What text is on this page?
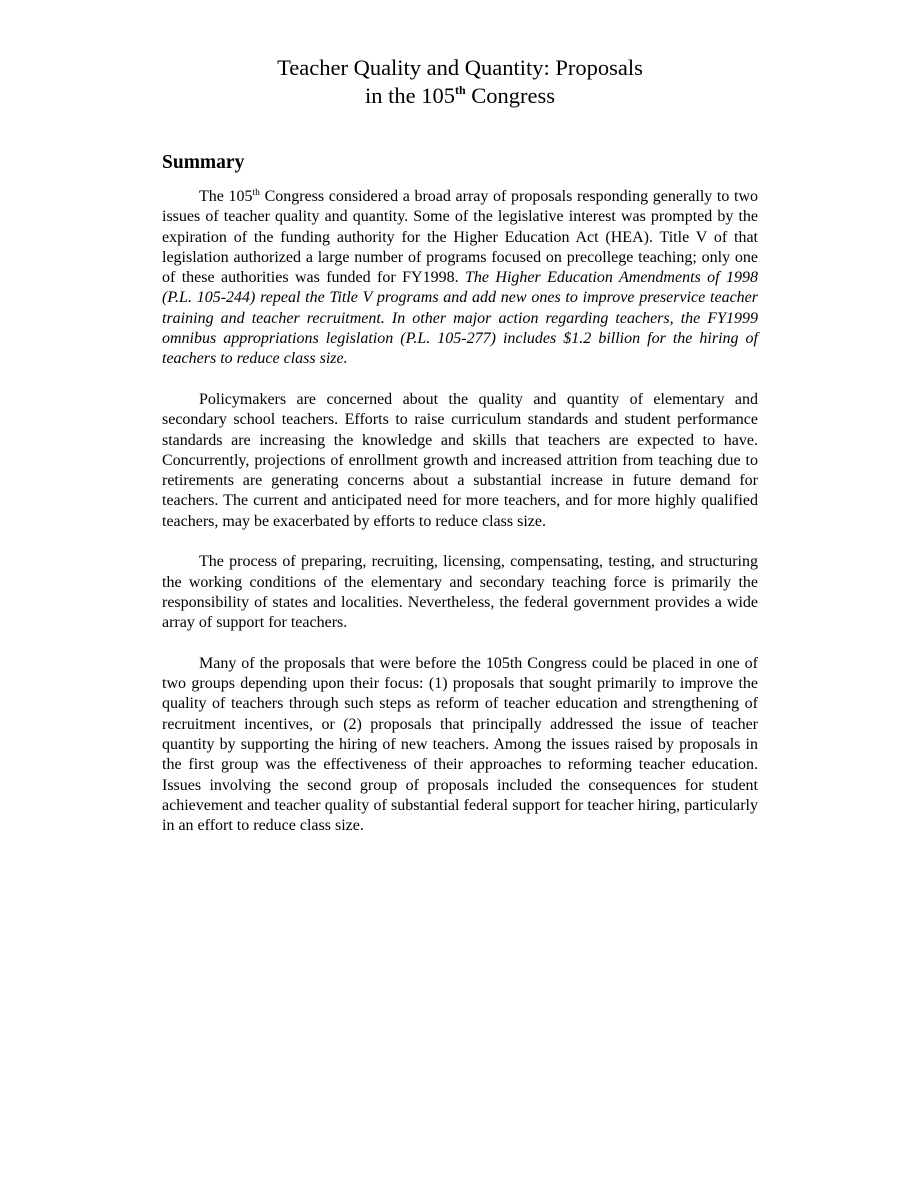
Teacher Quality and Quantity: Proposals
in the 105th Congress
Summary

The 105th Congress considered a broad array of proposals responding generally to two issues of teacher quality and quantity. Some of the legislative interest was prompted by the expiration of the funding authority for the Higher Education Act (HEA). Title V of that legislation authorized a large number of programs focused on precollege teaching; only one of these authorities was funded for FY1998. The Higher Education Amendments of 1998 (P.L. 105-244) repeal the Title V programs and add new ones to improve preservice teacher training and teacher recruitment. In other major action regarding teachers, the FY1999 omnibus appropriations legislation (P.L. 105-277) includes $1.2 billion for the hiring of teachers to reduce class size.

Policymakers are concerned about the quality and quantity of elementary and secondary school teachers. Efforts to raise curriculum standards and student performance standards are increasing the knowledge and skills that teachers are expected to have. Concurrently, projections of enrollment growth and increased attrition from teaching due to retirements are generating concerns about a substantial increase in future demand for teachers. The current and anticipated need for more teachers, and for more highly qualified teachers, may be exacerbated by efforts to reduce class size.

The process of preparing, recruiting, licensing, compensating, testing, and structuring the working conditions of the elementary and secondary teaching force is primarily the responsibility of states and localities. Nevertheless, the federal government provides a wide array of support for teachers.

Many of the proposals that were before the 105th Congress could be placed in one of two groups depending upon their focus: (1) proposals that sought primarily to improve the quality of teachers through such steps as reform of teacher education and strengthening of recruitment incentives, or (2) proposals that principally addressed the issue of teacher quantity by supporting the hiring of new teachers. Among the issues raised by proposals in the first group was the effectiveness of their approaches to reforming teacher education. Issues involving the second group of proposals included the consequences for student achievement and teacher quality of substantial federal support for teacher hiring, particularly in an effort to reduce class size.
